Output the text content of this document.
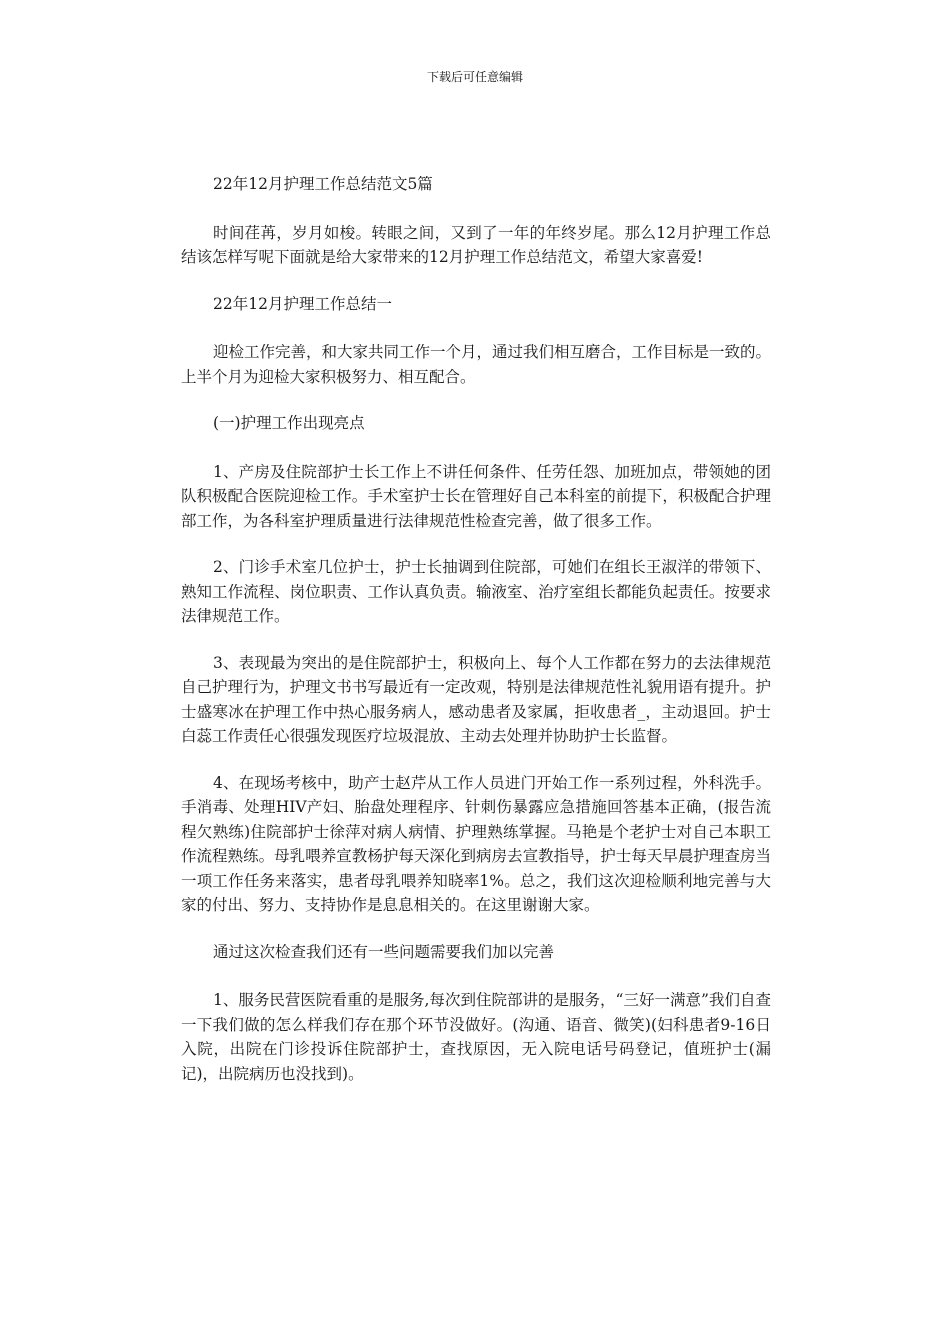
下载后可任意编辑

22年12月护理工作总结范文5篇

时间荏苒，岁月如梭。转眼之间，又到了一年的年终岁尾。那么12月护理工作总结该怎样写呢下面就是给大家带来的12月护理工作总结范文，希望大家喜爱!

22年12月护理工作总结一

迎检工作完善，和大家共同工作一个月，通过我们相互磨合，工作目标是一致的。上半个月为迎检大家积极努力、相互配合。

(一)护理工作出现亮点

1、产房及住院部护士长工作上不讲任何条件、任劳任怨、加班加点，带领她的团队积极配合医院迎检工作。手术室护士长在管理好自己本科室的前提下，积极配合护理部工作，为各科室护理质量进行法律规范性检查完善，做了很多工作。

2、门诊手术室几位护士，护士长抽调到住院部，可她们在组长王淑洋的带领下、熟知工作流程、岗位职责、工作认真负责。输液室、治疗室组长都能负起责任。按要求法律规范工作。

3、表现最为突出的是住院部护士，积极向上、每个人工作都在努力的去法律规范自己护理行为，护理文书书写最近有一定改观，特别是法律规范性礼貌用语有提升。护士盛寒冰在护理工作中热心服务病人，感动患者及家属，拒收患者_，主动退回。护士白蕊工作责任心很强发现医疗垃圾混放、主动去处理并协助护士长监督。

4、在现场考核中，助产士赵芹从工作人员进门开始工作一系列过程，外科洗手。手消毒、处理HIV产妇、胎盘处理程序、针刺伤暴露应急措施回答基本正确，(报告流程欠熟练)住院部护士徐萍对病人病情、护理熟练掌握。马艳是个老护士对自己本职工作流程熟练。母乳喂养宣教杨护每天深化到病房去宣教指导，护士每天早晨护理查房当一项工作任务来落实，患者母乳喂养知晓率1%。总之，我们这次迎检顺利地完善与大家的付出、努力、支持协作是息息相关的。在这里谢谢大家。

通过这次检查我们还有一些问题需要我们加以完善

1、服务民营医院看重的是服务,每次到住院部讲的是服务，“三好一满意”我们自查一下我们做的怎么样我们存在那个环节没做好。(沟通、语音、微笑)(妇科患者9-16日入院，出院在门诊投诉住院部护士，查找原因，无入院电话号码登记，值班护士(漏记)，出院病历也没找到)。
